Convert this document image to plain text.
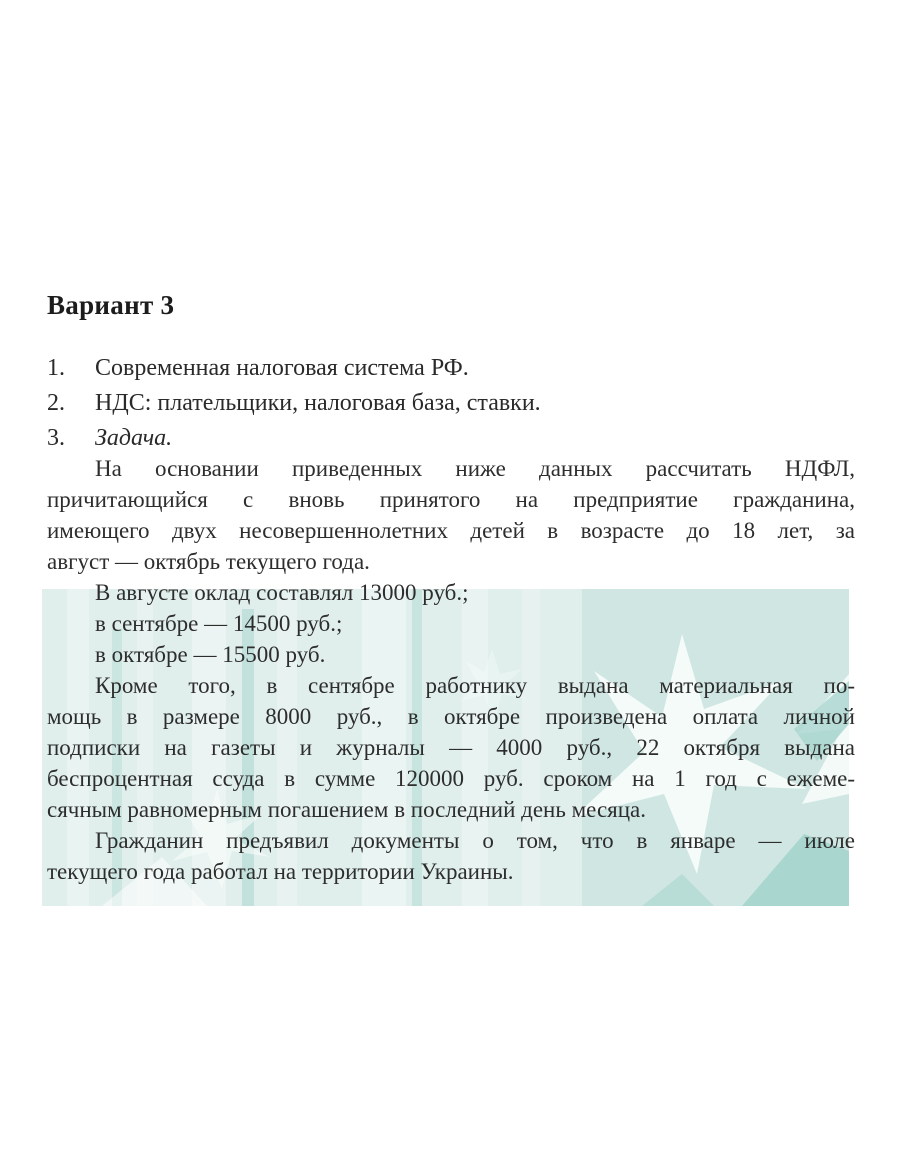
Вариант 3
1.	Современная налоговая система РФ.
2.	НДС: плательщики, налоговая база, ставки.
3.	Задача.
На основании приведенных ниже данных рассчитать НДФЛ,
причитающийся с вновь принятого на предприятие гражданина,
имеющего двух несовершеннолетних детей в возрасте до 18 лет, за
август — октябрь текущего года.
В августе оклад составлял 13000 руб.;
в сентябре — 14500 руб.;
в октябре — 15500 руб.
Кроме того, в сентябре работнику выдана материальная по-
мощь в размере 8000 руб., в октябре произведена оплата личной
подписки на газеты и журналы — 4000 руб., 22 октября выдана
беспроцентная ссуда в сумме 120000 руб. сроком на 1 год с ежеме-
сячным равномерным погашением в последний день месяца.
Гражданин предъявил документы о том, что в январе — июле
текущего года работал на территории Украины.
